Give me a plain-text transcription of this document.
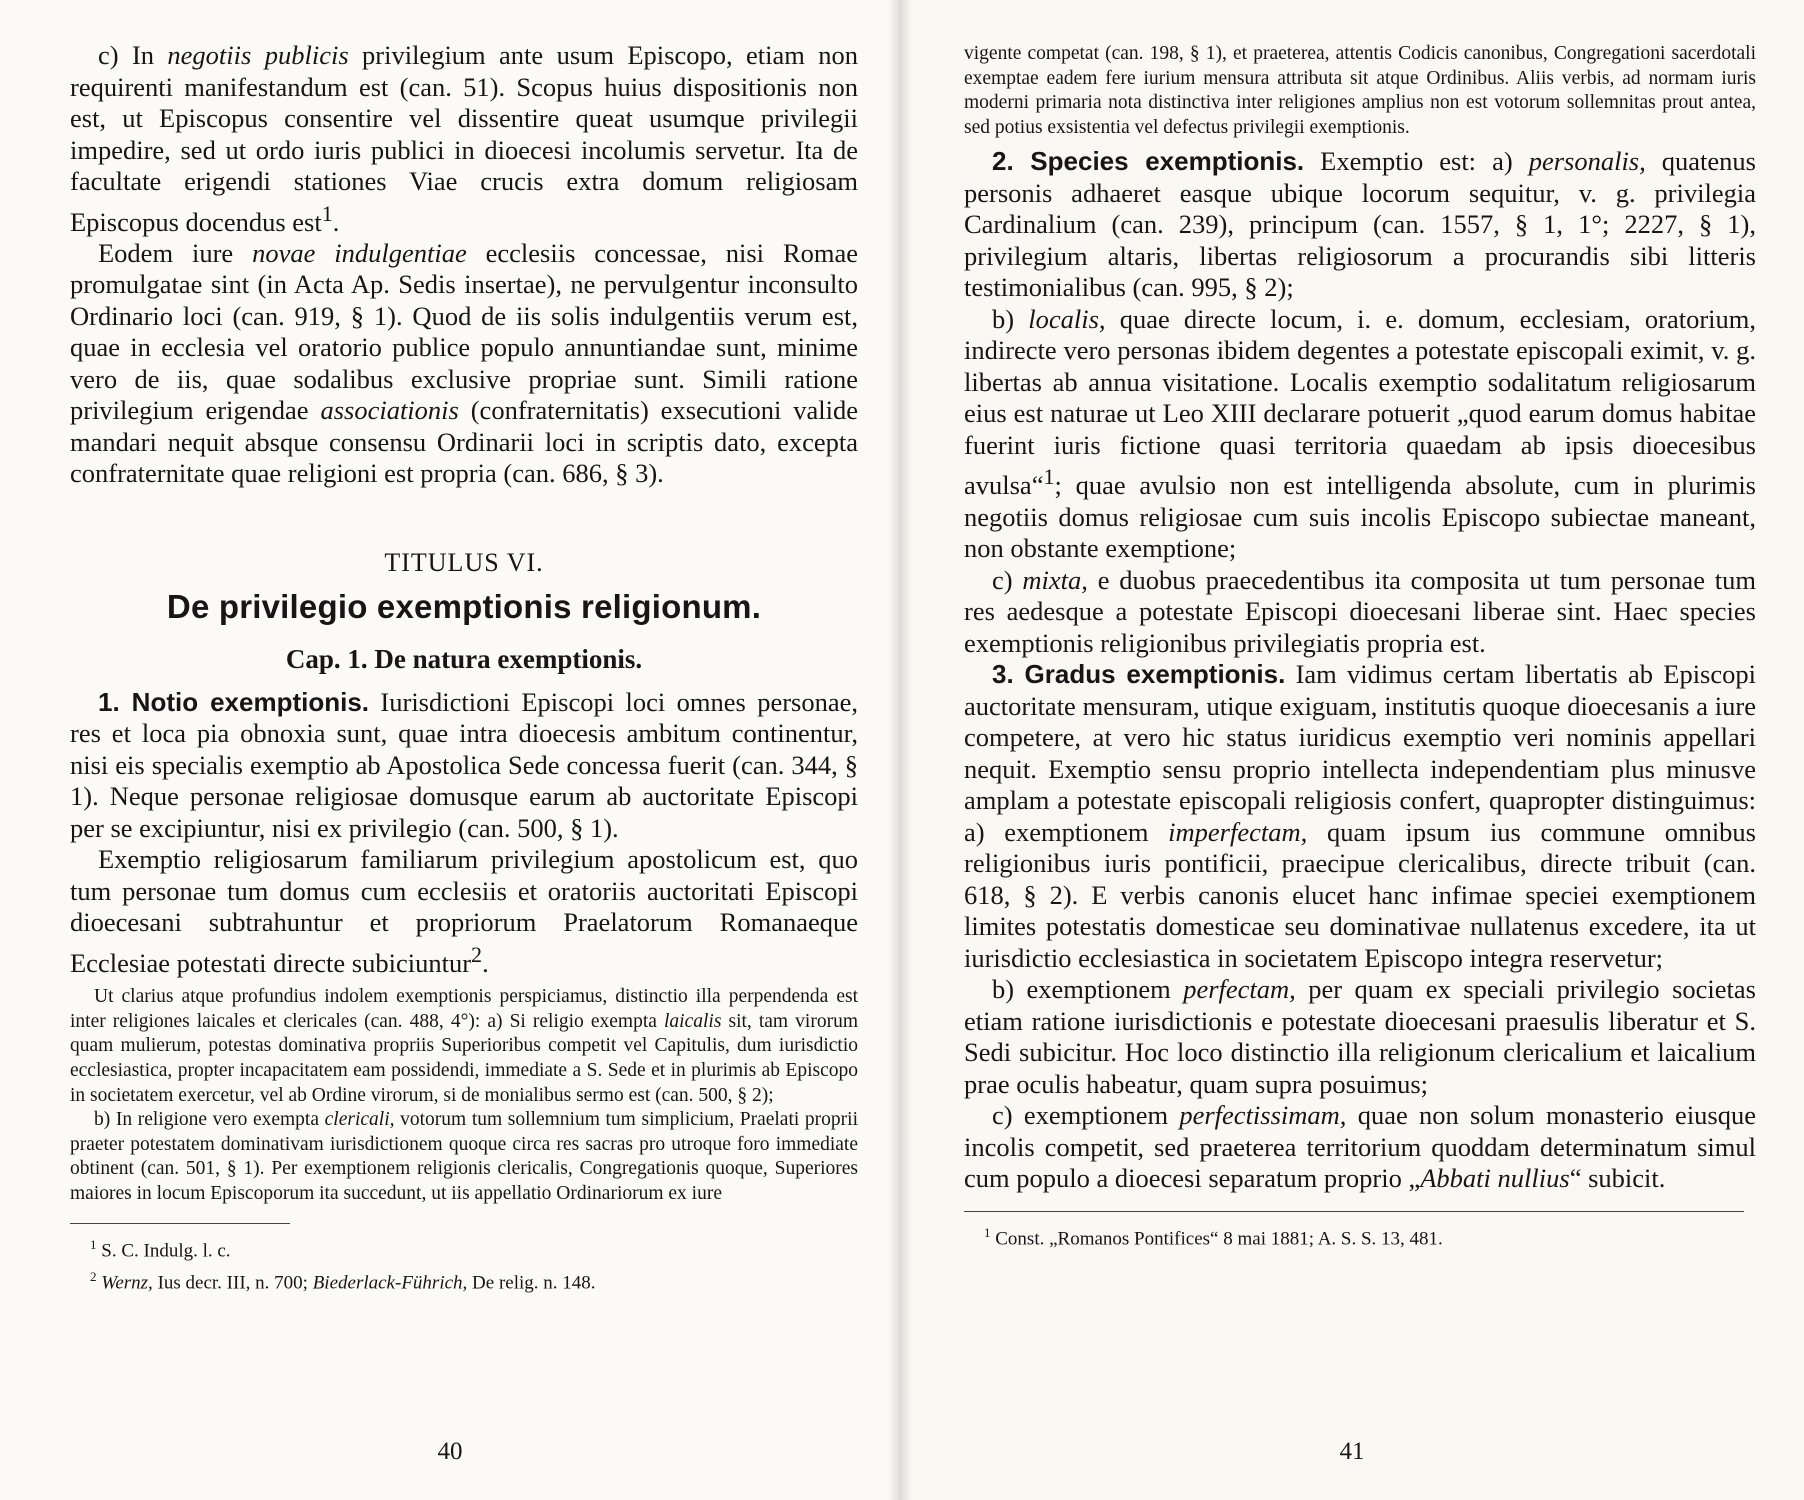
c) In negotiis publicis privilegium ante usum Episcopo, etiam non requirenti manifestandum est (can. 51). Scopus huius dispositionis non est, ut Episcopus consentire vel dissentire queat usumque privilegii impedire, sed ut ordo iuris publici in dioecesi incolumis servetur. Ita de facultate erigendi stationes Viae crucis extra domum religiosam Episcopus docendus est$^1$.

Eodem iure novae indulgentiae ecclesiis concessae, nisi Romae promulgatae sint (in Acta Ap. Sedis insertae), ne pervulgentur inconsulto Ordinario loci (can. 919, § 1). Quod de iis solis indulgentiis verum est, quae in ecclesia vel oratorio publice populo annuntiandae sunt, minime vero de iis, quae sodalibus exclusive propriae sunt. Simili ratione privilegium erigendae associationis (confraternitatis) exsecutioni valide mandari nequit absque consensu Ordinarii loci in scriptis dato, excepta confraternitate quae religioni est propria (can. 686, § 3).

TITULUS VI.
De privilegio exemptionis religionum.
Cap. 1. De natura exemptionis.

1. Notio exemptionis. Iurisdictioni Episcopi loci omnes personae, res et loca pia obnoxia sunt, quae intra dioecesis ambitum continentur, nisi eis specialis exemptio ab Apostolica Sede concessa fuerit (can. 344, § 1). Neque personae religiosae domusque earum ab auctoritate Episcopi per se excipiuntur, nisi ex privilegio (can. 500, § 1).

Exemptio religiosarum familiarum privilegium apostolicum est, quo tum personae tum domus cum ecclesiis et oratoriis auctoritati Episcopi dioecesani subtrahuntur et propriorum Praelatorum Romanaeque Ecclesiae potestati directe subiciuntur$^2$.

Ut clarius atque profundius indolem exemptionis perspiciamus, distinctio illa perpendenda est inter religiones laicales et clericales (can. 488, 4°): a) Si religio exempta laicalis sit, tam virorum quam mulierum, potestas dominativa propriis Superioribus competit vel Capitulis, dum iurisdictio ecclesiastica, propter incapacitatem eam possidendi, immediate a S. Sede et in plurimis ab Episcopo in societatem exercetur, vel ab Ordine virorum, si de monialibus sermo est (can. 500, § 2);

b) In religione vero exempta clericali, votorum tum sollemnium tum simplicium, Praelati proprii praeter potestatem dominativam iurisdictionem quoque circa res sacras pro utroque foro immediate obtinent (can. 501, § 1). Per exemptionem religionis clericalis, Congregationis quoque, Superiores maiores in locum Episcoporum ita succedunt, ut iis appellatio Ordinariorum ex iure

$^1$ S. C. Indulg. l. c.
$^2$ Wernz, Ius decr. III, n. 700; Biederlack-Führich, De relig. n. 148.
40

vigente competat (can. 198, § 1), et praeterea, attentis Codicis canonibus, Congregationi sacerdotali exemptae eadem fere iurium mensura attributa sit atque Ordinibus. Aliis verbis, ad normam iuris moderni primaria nota distinctiva inter religiones amplius non est votorum sollemnitas prout antea, sed potius exsistentia vel defectus privilegii exemptionis.

2. Species exemptionis. Exemptio est: a) personalis, quatenus personis adhaeret easque ubique locorum sequitur, v. g. privilegia Cardinalium (can. 239), principum (can. 1557, § 1, 1°; 2227, § 1), privilegium altaris, libertas religiosorum a procurandis sibi litteris testimonialibus (can. 995, § 2);

b) localis, quae directe locum, i. e. domum, ecclesiam, oratorium, indirecte vero personas ibidem degentes a potestate episcopali eximit, v. g. libertas ab annua visitatione. Localis exemptio sodalitatum religiosarum eius est naturae ut Leo XIII declarare potuerit „quod earum domus habitae fuerint iuris fictione quasi territoria quaedam ab ipsis dioecesibus avulsa“$^1$; quae avulsio non est intelligenda absolute, cum in plurimis negotiis domus religiosae cum suis incolis Episcopo subiectae maneant, non obstante exemptione;

c) mixta, e duobus praecedentibus ita composita ut tum personae tum res aedesque a potestate Episcopi dioecesani liberae sint. Haec species exemptionis religionibus privilegiatis propria est.

3. Gradus exemptionis. Iam vidimus certam libertatis ab Episcopi auctoritate mensuram, utique exiguam, institutis quoque dioecesanis a iure competere, at vero hic status iuridicus exemptio veri nominis appellari nequit. Exemptio sensu proprio intellecta independentiam plus minusve amplam a potestate episcopali religiosis confert, quapropter distinguimus: a) exemptionem imperfectam, quam ipsum ius commune omnibus religionibus iuris pontificii, praecipue clericalibus, directe tribuit (can. 618, § 2). E verbis canonis elucet hanc infimae speciei exemptionem limites potestatis domesticae seu dominativae nullatenus excedere, ita ut iurisdictio ecclesiastica in societatem Episcopo integra reservetur;

b) exemptionem perfectam, per quam ex speciali privilegio societas etiam ratione iurisdictionis e potestate dioecesani praesulis liberatur et S. Sedi subicitur. Hoc loco distinctio illa religionum clericalium et laicalium prae oculis habeatur, quam supra posuimus;

c) exemptionem perfectissimam, quae non solum monasterio eiusque incolis competit, sed praeterea territorium quoddam determinatum simul cum populo a dioecesi separatum proprio „Abbati nullius“ subicit.

$^1$ Const. „Romanos Pontifices“ 8 mai 1881; A. S. S. 13, 481.
41
